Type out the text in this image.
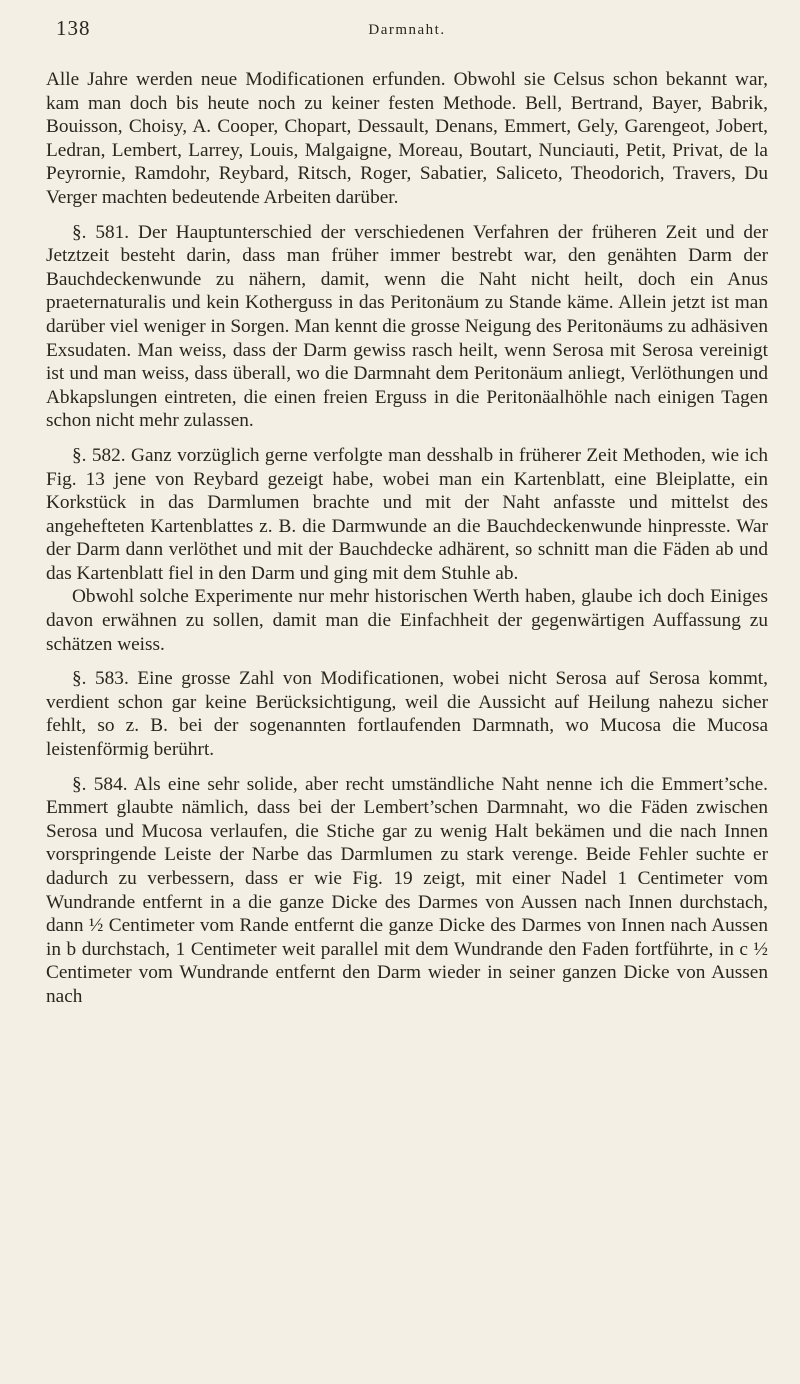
138	Darmnaht.

Alle Jahre werden neue Modificationen erfunden. Obwohl sie Celsus schon bekannt war, kam man doch bis heute noch zu keiner festen Methode. Bell, Bertrand, Bayer, Babrik, Bouisson, Choisy, A. Cooper, Chopart, Dessault, Denans, Emmert, Gely, Garengeot, Jobert, Ledran, Lembert, Larrey, Louis, Malgaigne, Moreau, Boutart, Nunciauti, Petit, Privat, de la Peyrornie, Ramdohr, Reybard, Ritsch, Roger, Sabatier, Saliceto, Theodorich, Travers, Du Verger machten bedeutende Arbeiten darüber.

§. 581. Der Hauptunterschied der verschiedenen Verfahren der früheren Zeit und der Jetztzeit besteht darin, dass man früher immer bestrebt war, den genähten Darm der Bauchdeckenwunde zu nähern, damit, wenn die Naht nicht heilt, doch ein Anus praeternaturalis und kein Kotherguss in das Peritonäum zu Stande käme. Allein jetzt ist man darüber viel weniger in Sorgen. Man kennt die grosse Neigung des Peritonäums zu adhäsiven Exsudaten. Man weiss, dass der Darm gewiss rasch heilt, wenn Serosa mit Serosa vereinigt ist und man weiss, dass überall, wo die Darmnaht dem Peritonäum anliegt, Verlöthungen und Abkapslungen eintreten, die einen freien Erguss in die Peritonäalhöhle nach einigen Tagen schon nicht mehr zulassen.

§. 582. Ganz vorzüglich gerne verfolgte man desshalb in früherer Zeit Methoden, wie ich Fig. 13 jene von Reybard gezeigt habe, wobei man ein Kartenblatt, eine Bleiplatte, ein Korkstück in das Darmlumen brachte und mit der Naht anfasste und mittelst des angehefteten Kartenblattes z. B. die Darmwunde an die Bauchdeckenwunde hinpresste. War der Darm dann verlöthet und mit der Bauchdecke adhärent, so schnitt man die Fäden ab und das Kartenblatt fiel in den Darm und ging mit dem Stuhle ab.

Obwohl solche Experimente nur mehr historischen Werth haben, glaube ich doch Einiges davon erwähnen zu sollen, damit man die Einfachheit der gegenwärtigen Auffassung zu schätzen weiss.

§. 583. Eine grosse Zahl von Modificationen, wobei nicht Serosa auf Serosa kommt, verdient schon gar keine Berücksichtigung, weil die Aussicht auf Heilung nahezu sicher fehlt, so z. B. bei der sogenannten fortlaufenden Darmnath, wo Mucosa die Mucosa leistenförmig berührt.

§. 584. Als eine sehr solide, aber recht umständliche Naht nenne ich die Emmert’sche. Emmert glaubte nämlich, dass bei der Lembert’schen Darmnaht, wo die Fäden zwischen Serosa und Mucosa verlaufen, die Stiche gar zu wenig Halt bekämen und die nach Innen vorspringende Leiste der Narbe das Darmlumen zu stark verenge. Beide Fehler suchte er dadurch zu verbessern, dass er wie Fig. 19 zeigt, mit einer Nadel 1 Centimeter vom Wundrande entfernt in a die ganze Dicke des Darmes von Aussen nach Innen durchstach, dann ½ Centimeter vom Rande entfernt die ganze Dicke des Darmes von Innen nach Aussen in b durchstach, 1 Centimeter weit parallel mit dem Wundrande den Faden fortführte, in c ½ Centimeter vom Wundrande entfernt den Darm wieder in seiner ganzen Dicke von Aussen nach
